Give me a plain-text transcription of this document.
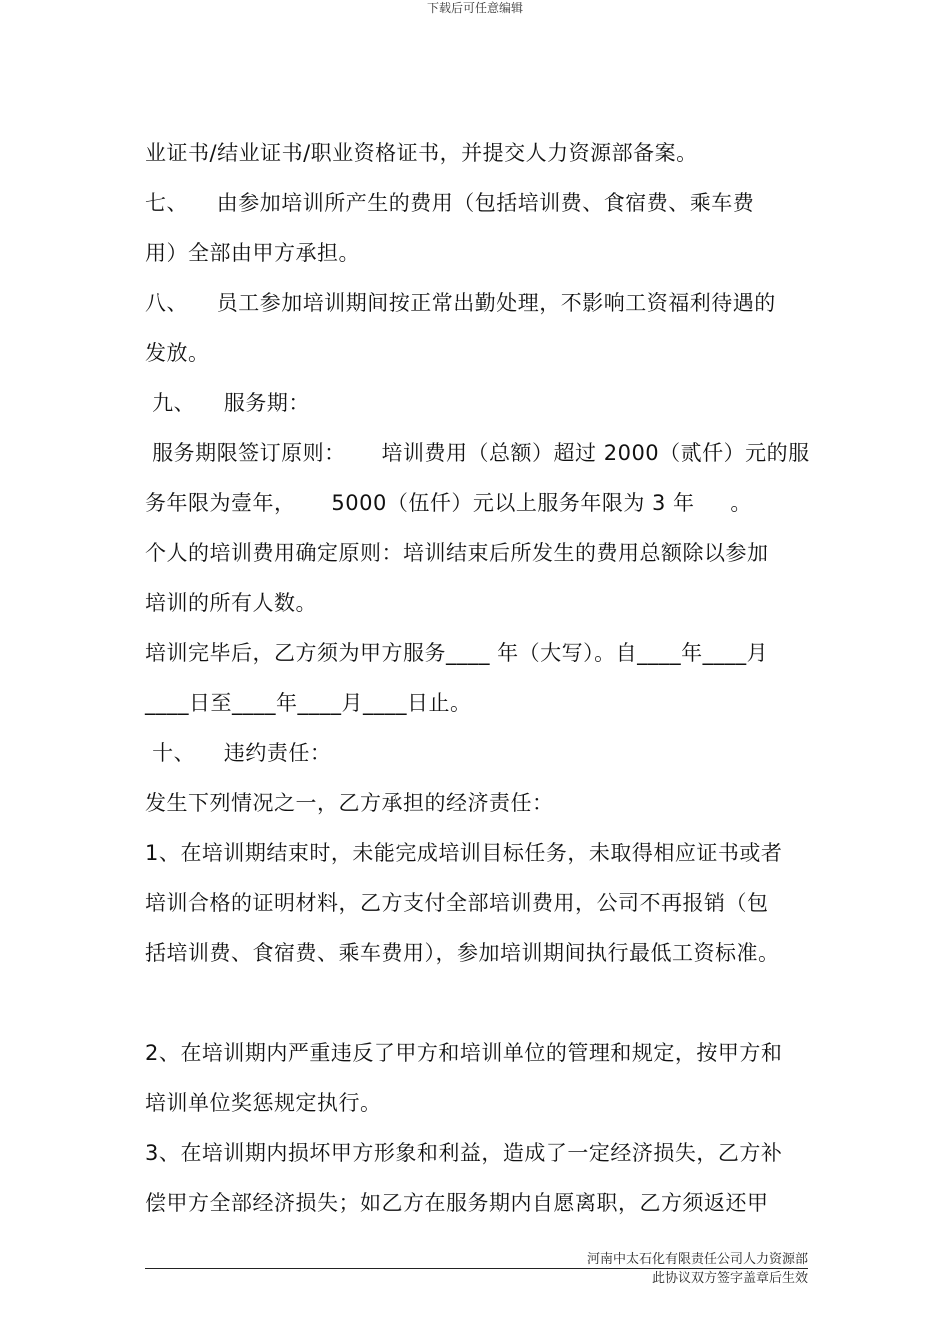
下载后可任意编辑
业证书/结业证书/职业资格证书，并提交人力资源部备案。
七、    由参加培训所产生的费用（包括培训费、食宿费、乘车费
用）全部由甲方承担。
八、    员工参加培训期间按正常出勤处理，不影响工资福利待遇的
发放。
九、    服务期：
服务期限签订原则：     培训费用（总额）超过 2000（贰仟）元的服
务年限为壹年，     5000（伍仟）元以上服务年限为 3 年     。
个人的培训费用确定原则：培训结束后所发生的费用总额除以参加
培训的所有人数。
培训完毕后，乙方须为甲方服务____ 年（大写）。自____年____月
____日至____年____月____日止。
十、    违约责任：
发生下列情况之一，乙方承担的经济责任：
1、在培训期结束时，未能完成培训目标任务，未取得相应证书或者
培训合格的证明材料，乙方支付全部培训费用，公司不再报销（包
括培训费、食宿费、乘车费用），参加培训期间执行最低工资标准。
2、在培训期内严重违反了甲方和培训单位的管理和规定，按甲方和
培训单位奖惩规定执行。
3、在培训期内损坏甲方形象和利益，造成了一定经济损失，乙方补
偿甲方全部经济损失；如乙方在服务期内自愿离职，乙方须返还甲
河南中太石化有限责任公司人力资源部
此协议双方签字盖章后生效
